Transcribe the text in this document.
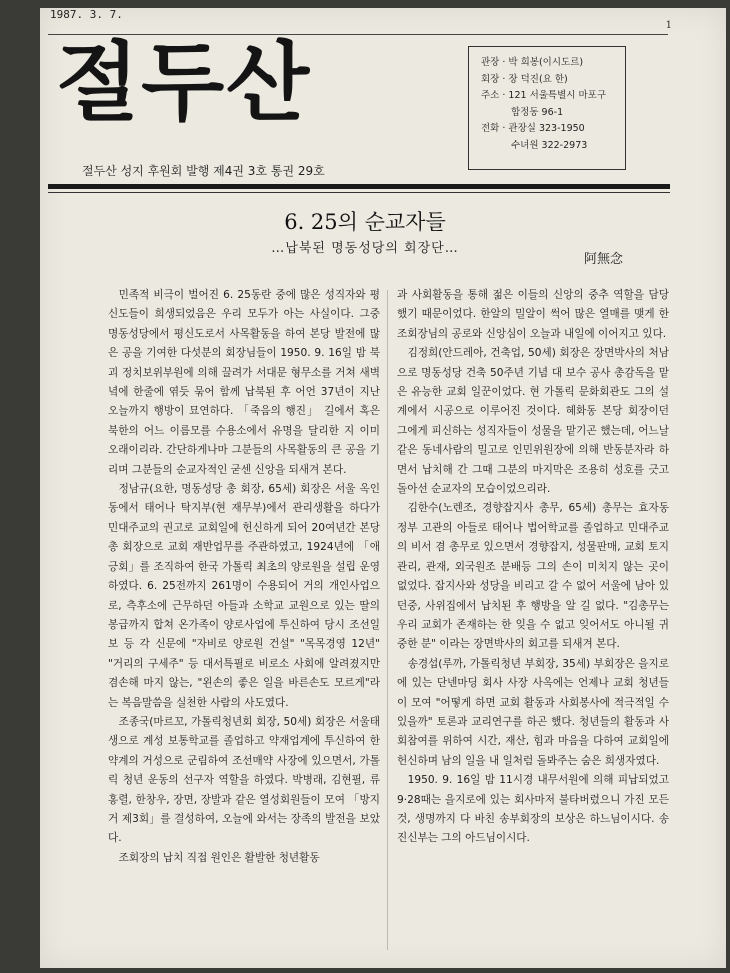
1987. 3. 7.
1
절두산	관장 · 박 희봉(이시도르)
회장 · 장 덕진(요 한)
주소 · 121 서울특별시 마포구
합정동 96-1
전화 · 관장실 323-1950
수녀원 322-2973
절두산 성지 후원회 발행 제4권 3호 통권 29호
6. 25의 순교자들
…납북된 명동성당의 회장단…
阿無念

민족적 비극이 벌어진 6. 25동란 중에 많은 성직자와 평신도들이 희생되었음은 우리 모두가 아는 사실이다. 그중 명동성당에서 평신도로서 사목활동을 하여 본당 발전에 많은 공을 기여한 다섯분의 회장님들이 1950. 9. 16일 밤 북괴 정치보위부원에 의해 끌려가 서대문 형무소를 거쳐 새벽녘에 한줄에 엮듯 묶어 함께 납북된 후 어언 37년이 지난 오늘까지 행방이 묘연하다. 「죽음의 행진」 길에서 혹은 북한의 어느 이름모를 수용소에서 유명을 달리한 지 이미 오래이리라. 간단하게나마 그분들의 사목활동의 큰 공을 기리며 그분들의 순교자적인 굳센 신앙을 되새겨 본다.

정남규(요한, 명동성당 총 회장, 65세) 회장은 서울 옥인동에서 태어나 탁지부(현 재무부)에서 관리생활을 하다가 민대주교의 권고로 교회일에 헌신하게 되어 20여년간 본당 총 회장으로 교회 재반업무를 주관하였고, 1924년에 「애긍회」를 조직하여 한국 가톨릭 최초의 양로원을 설립 운영하였다. 6. 25전까지 261명이 수용되어 거의 개인사업으로, 측후소에 근무하던 아들과 소학교 교원으로 있는 딸의 봉급까지 합쳐 온가족이 양로사업에 투신하여 당시 조선일보 등 각 신문에 "자비로 양로원 건설" "목목경영 12년" "거리의 구세주" 등 대서특필로 비로소 사회에 알려졌지만 겸손해 마지 않는, "왼손의 좋은 일을 바른손도 모르게"라는 복음말씀을 실천한 사람의 사도였다.

조종국(마르꼬, 가톨릭청년회 회장, 50세) 회장은 서울태생으로 계성 보통학교를 졸업하고 약재업계에 투신하여 한약계의 거성으로 군림하여 조선매약 사장에 있으면서, 가톨릭 청년 운동의 선구자 역할을 하였다. 박병래, 김현필, 류홍렬, 한창우, 장면, 장발과 같은 열성회원들이 모여 「방지거 제3회」를 결성하여, 오늘에 와서는 장족의 발전을 보았다.

조회장의 납치 직접 원인은 활발한 청년활동

과 사회활동을 통해 젊은 이들의 신앙의 중추 역할을 담당했기 때문이었다. 한알의 밀알이 썩어 많은 열매를 맺게 한 조회장님의 공로와 신앙심이 오늘과 내일에 이어지고 있다.

김정희(안드레아, 건축업, 50세) 회장은 장면박사의 처남으로 명동성당 건축 50주년 기념 대 보수 공사 총감독을 맡은 유능한 교회 일꾼이었다. 현 가톨릭 문화회관도 그의 설계에서 시공으로 이루어진 것이다. 혜화동 본당 회장이던 그에게 피신하는 성직자들이 성물을 맡기곤 했는데, 어느날 같은 동네사람의 밀고로 인민위원장에 의해 반동분자라 하면서 납치해 간 그때 그분의 마지막은 조용히 성호를 긋고 돌아선 순교자의 모습이었으리라.

김한수(노렌조, 경향잡지사 총무, 65세) 총무는 효자동 정부 고관의 아들로 태어나 법어학교를 졸업하고 민대주교의 비서 겸 총무로 있으면서 경향잡지, 성물판매, 교회 토지관리, 관재, 외국원조 분배등 그의 손이 미치지 않는 곳이 없었다. 잡지사와 성당을 비리고 갈 수 없어 서울에 남아 있던중, 사위집에서 납치된 후 행방을 알 길 없다. "김총무는 우리 교회가 존재하는 한 잊을 수 없고 잊어서도 아니될 귀중한 분" 이라는 장면박사의 회고를 되새겨 본다.

송경섭(루까, 가톨릭청년 부회장, 35세) 부회장은 을지로에 있는 단넨마딩 회사 사장 사옥에는 언제나 교회 청년들이 모여 "어떻게 하면 교회 활동과 사회봉사에 적극적일 수 있을까" 토론과 교리연구를 하곤 했다. 청년들의 활동과 사회참여를 위하여 시간, 재산, 힘과 마음을 다하여 교회일에 헌신하며 남의 일을 내 일처럼 돌봐주는 숨은 희생자였다.

1950. 9. 16일 밤 11시경 내무서원에 의해 피납되었고 9·28때는 을지로에 있는 회사마저 불타버렸으니 가진 모든 것, 생명까지 다 바친 송부회장의 보상은 하느님이시다. 송진신부는 그의 아드님이시다.
